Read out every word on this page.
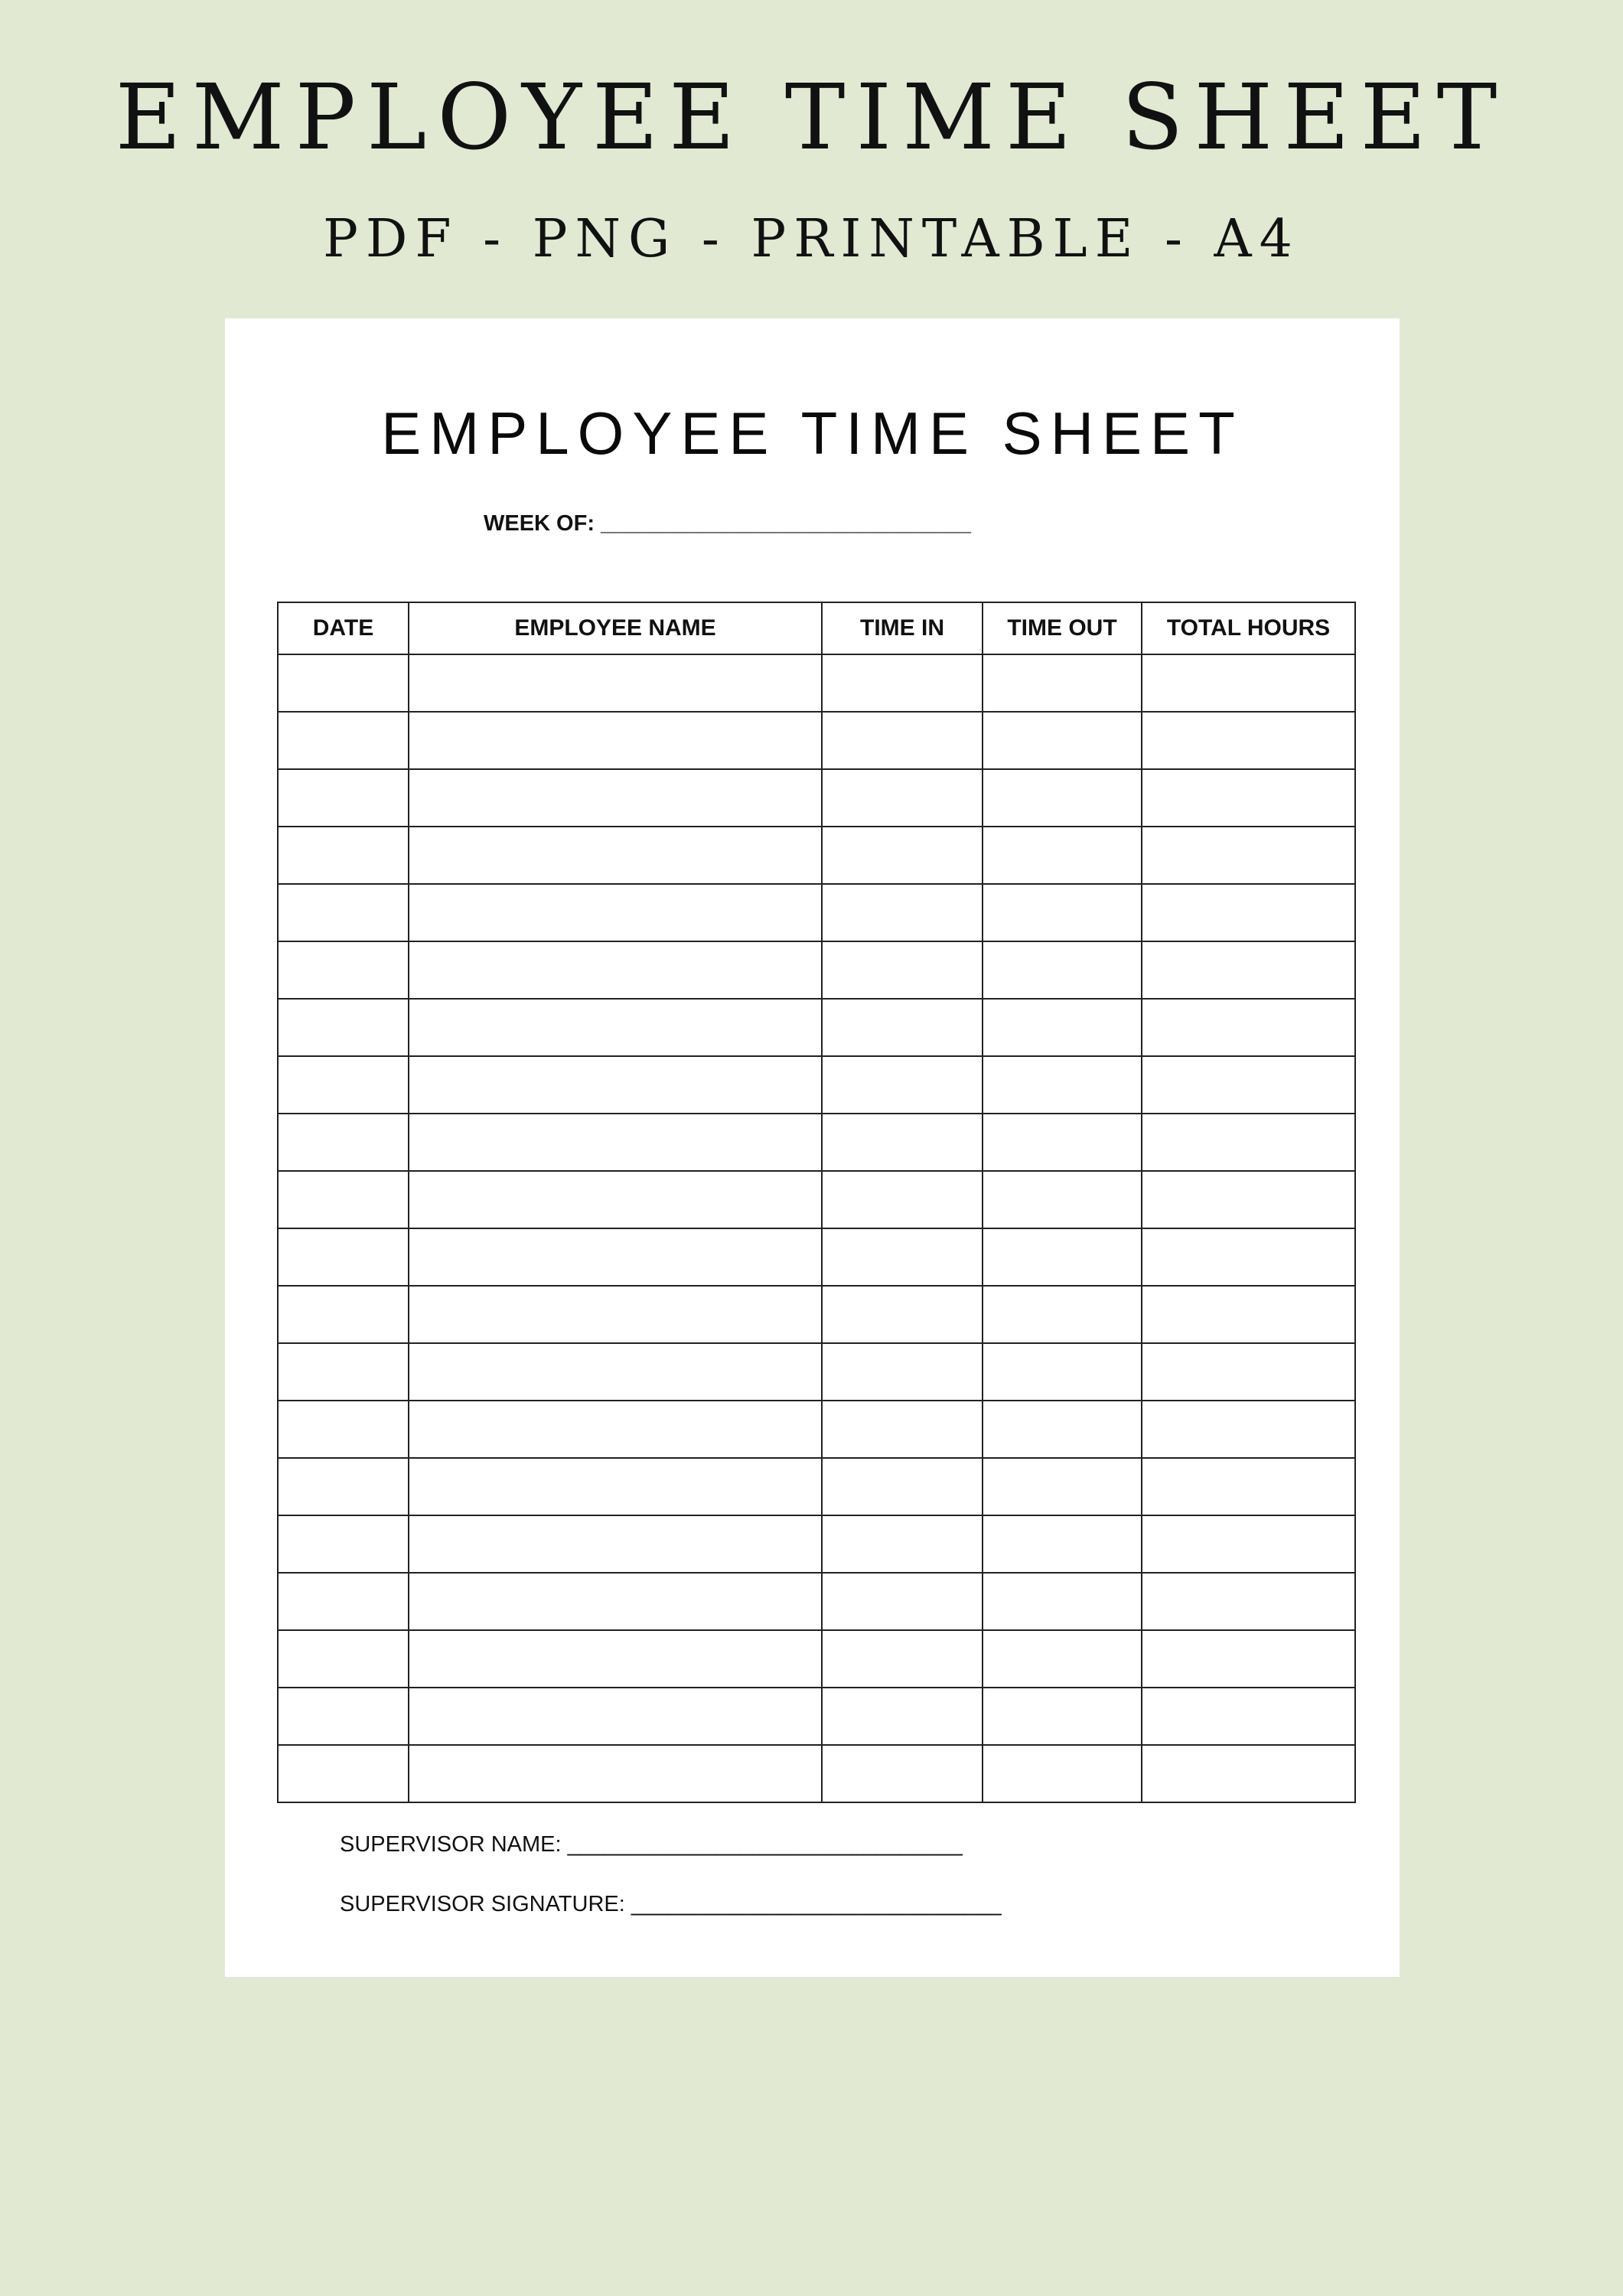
EMPLOYEE TIME SHEET
PDF - PNG - PRINTABLE - A4
EMPLOYEE TIME SHEET
WEEK OF: ______________________________
DATE	EMPLOYEE NAME	TIME IN	TIME OUT	TOTAL HOURS

SUPERVISOR NAME: ________________________________
SUPERVISOR SIGNATURE: ______________________________
